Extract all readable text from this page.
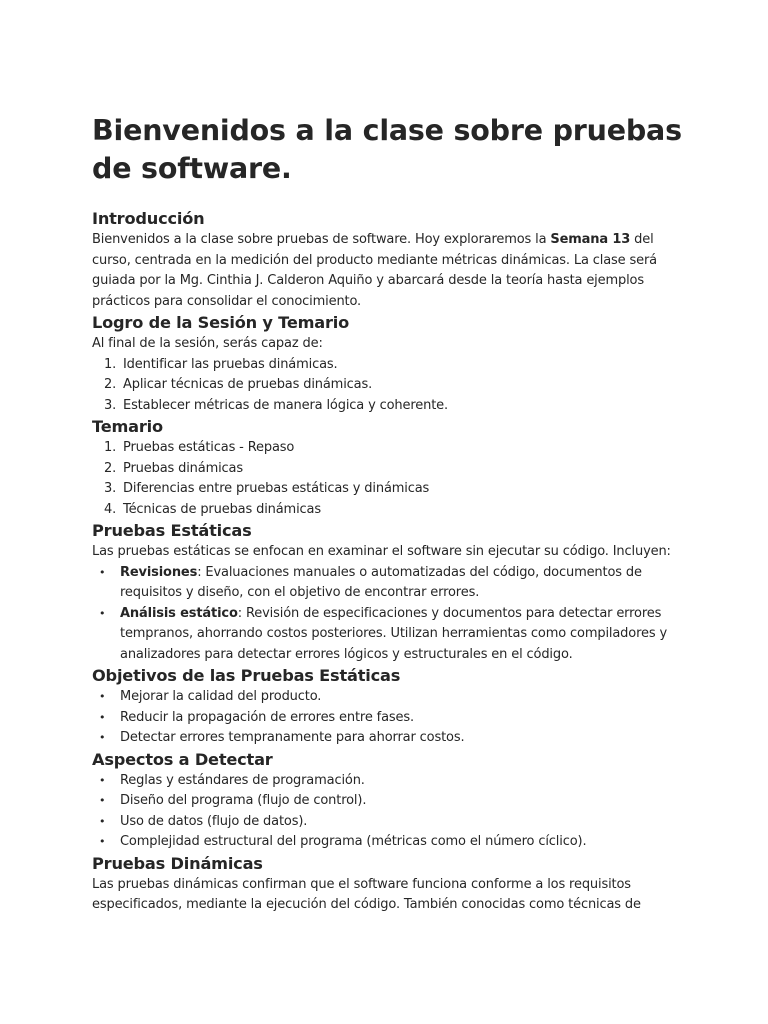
Bienvenidos a la clase sobre pruebas de software.
Introducción

Bienvenidos a la clase sobre pruebas de software. Hoy exploraremos la Semana 13 del curso, centrada en la medición del producto mediante métricas dinámicas. La clase será guiada por la Mg. Cinthia J. Calderon Aquiño y abarcará desde la teoría hasta ejemplos prácticos para consolidar el conocimiento.

Logro de la Sesión y Temario

Al final de la sesión, serás capaz de:

1. Identificar las pruebas dinámicas.
2. Aplicar técnicas de pruebas dinámicas.
3. Establecer métricas de manera lógica y coherente.
Temario
1. Pruebas estáticas - Repaso
2. Pruebas dinámicas
3. Diferencias entre pruebas estáticas y dinámicas
4. Técnicas de pruebas dinámicas
Pruebas Estáticas

Las pruebas estáticas se enfocan en examinar el software sin ejecutar su código. Incluyen:

• Revisiones: Evaluaciones manuales o automatizadas del código, documentos de requisitos y diseño, con el objetivo de encontrar errores.
• Análisis estático: Revisión de especificaciones y documentos para detectar errores tempranos, ahorrando costos posteriores. Utilizan herramientas como compiladores y analizadores para detectar errores lógicos y estructurales en el código.
Objetivos de las Pruebas Estáticas
• Mejorar la calidad del producto.
• Reducir la propagación de errores entre fases.
• Detectar errores tempranamente para ahorrar costos.
Aspectos a Detectar
• Reglas y estándares de programación.
• Diseño del programa (flujo de control).
• Uso de datos (flujo de datos).
• Complejidad estructural del programa (métricas como el número cíclico).
Pruebas Dinámicas

Las pruebas dinámicas confirman que el software funciona conforme a los requisitos especificados, mediante la ejecución del código. También conocidas como técnicas de
